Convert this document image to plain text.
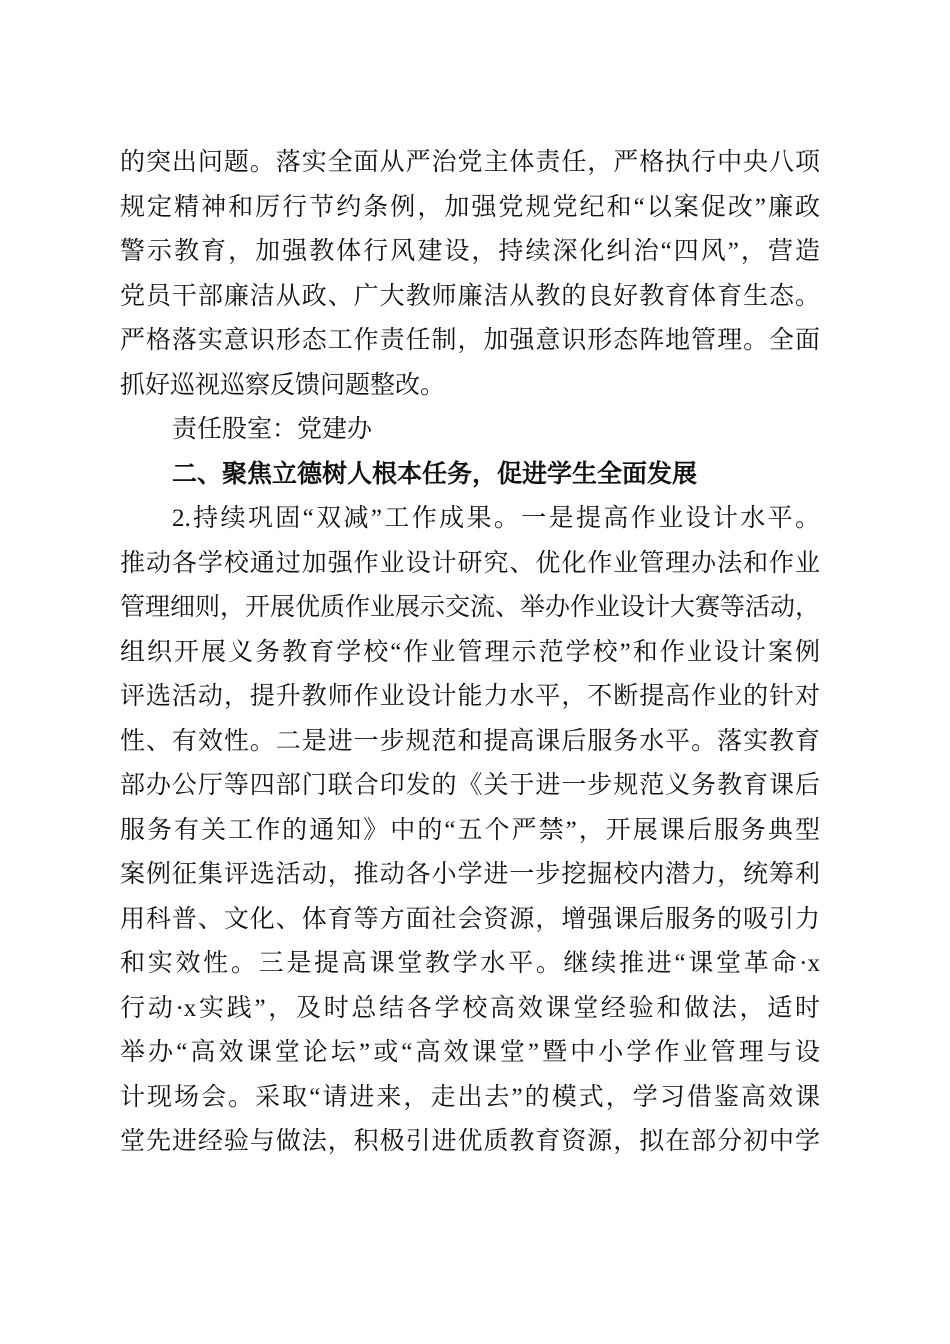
的突出问题。落实全面从严治党主体责任，严格执行中央八项
规定精神和厉行节约条例，加强党规党纪和“以案促改”廉政
警示教育，加强教体行风建设，持续深化纠治“四风”，营造
党员干部廉洁从政、广大教师廉洁从教的良好教育体育生态。
严格落实意识形态工作责任制，加强意识形态阵地管理。全面
抓好巡视巡察反馈问题整改。
责任股室：党建办
二、聚焦立德树人根本任务，促进学生全面发展
2.持续巩固“双减”工作成果。一是提高作业设计水平。
推动各学校通过加强作业设计研究、优化作业管理办法和作业
管理细则，开展优质作业展示交流、举办作业设计大赛等活动，
组织开展义务教育学校“作业管理示范学校”和作业设计案例
评选活动，提升教师作业设计能力水平，不断提高作业的针对
性、有效性。二是进一步规范和提高课后服务水平。落实教育
部办公厅等四部门联合印发的《关于进一步规范义务教育课后
服务有关工作的通知》中的“五个严禁”，开展课后服务典型
案例征集评选活动，推动各小学进一步挖掘校内潜力，统筹利
用科普、文化、体育等方面社会资源，增强课后服务的吸引力
和实效性。三是提高课堂教学水平。继续推进“课堂革命·x
行动·x实践”，及时总结各学校高效课堂经验和做法，适时
举办“高效课堂论坛”或“高效课堂”暨中小学作业管理与设
计现场会。采取“请进来，走出去”的模式，学习借鉴高效课
堂先进经验与做法，积极引进优质教育资源，拟在部分初中学
